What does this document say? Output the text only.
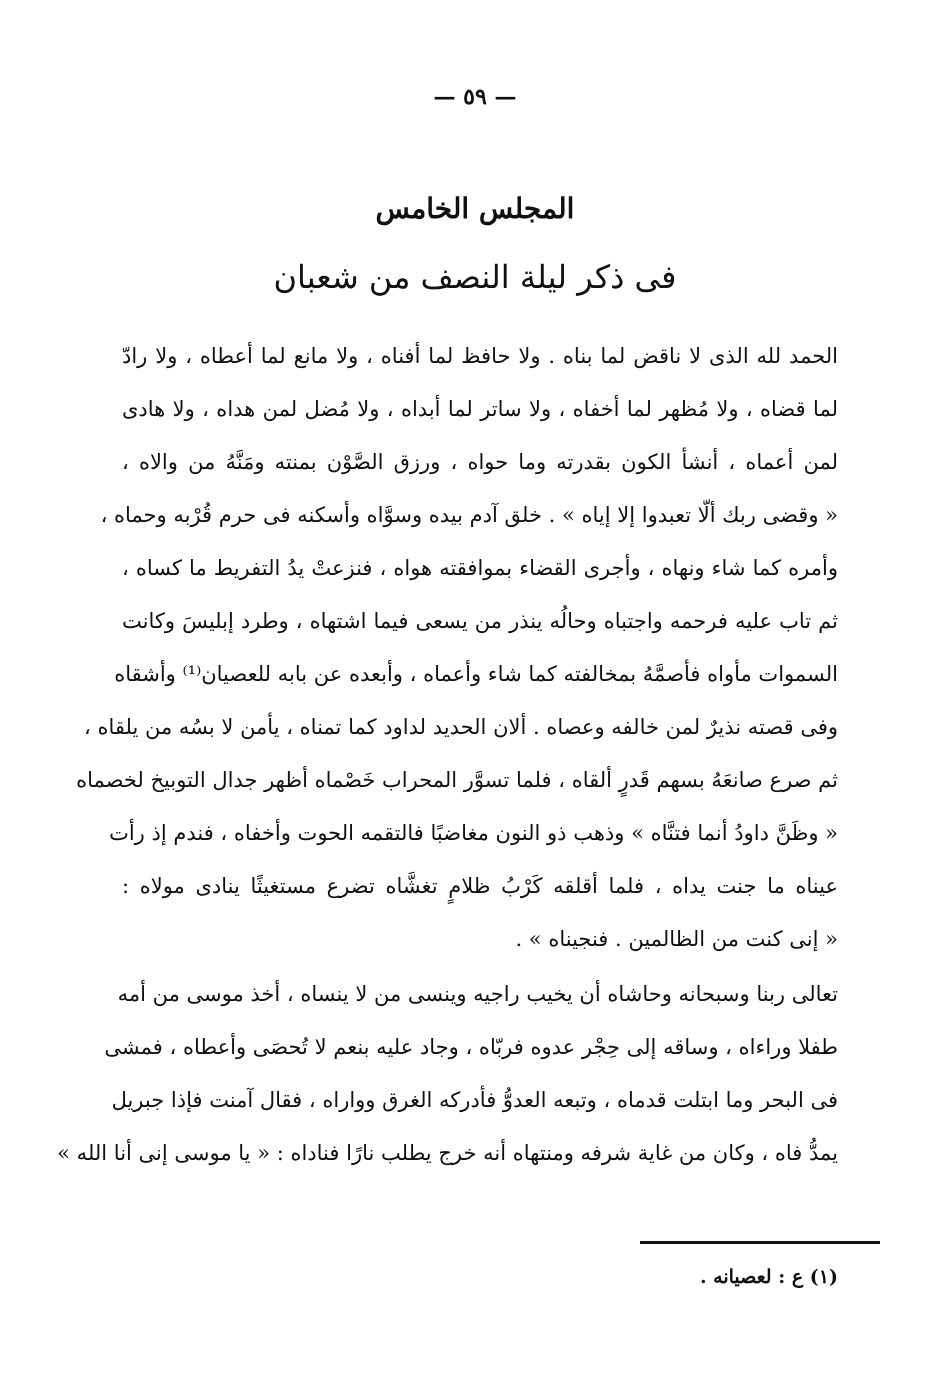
— ٥٩ —
المجلس الخامس
فى ذكر ليلة النصف من شعبان
الحمد لله الذى لا ناقض لما بناه . ولا حافظ لما أفناه ، ولا مانع لما أعطاه ، ولا رادّ
لما قضاه ، ولا مُظهر لما أخفاه ، ولا ساتر لما أبداه ، ولا مُضل لمن هداه ، ولا هادى
لمن أعماه ، أنشأ الكون بقدرته وما حواه ، ورزق الصَّوْن بمنته ومَنَّهُ من والاه ،
« وقضى ربك ألّا تعبدوا إلا إياه » . خلق آدم بيده وسوَّاه وأسكنه فى حرم قُرْبه وحماه ،
وأمره كما شاء ونهاه ، وأجرى القضاء بموافقته هواه ، فنزعتْ يدُ التفريط ما كساه ،
ثم تاب عليه فرحمه واجتباه وحالُه ينذر من يسعى فيما اشتهاه ، وطرد إبليسَ وكانت
السموات مأواه فأصمَّهُ بمخالفته كما شاء وأعماه ، وأبعده عن بابه للعصيان⁽¹⁾ وأشقاه
وفى قصته نذيرٌ لمن خالفه وعصاه . ألان الحديد لداود كما تمناه ، يأمن لا بسُه من يلقاه ،
ثم صرع صانعَهُ بسهم قَدرٍ ألقاه ، فلما تسوَّر المحراب خَصْماه أظهر جدال التوبيخ لخصماه
« وظَنَّ داودُ أنما فتنَّاه » وذهب ذو النون مغاضبًا فالتقمه الحوت وأخفاه ، فندم إذ رأت
عيناه ما جنت يداه ، فلما أقلقه كَرْبُ ظلامٍ تغشَّاه تضرع مستغيثًا ينادى مولاه :
« إنى كنت من الظالمين . فنجيناه » .
تعالى ربنا وسبحانه وحاشاه أن يخيب راجيه وينسى من لا ينساه ، أخذ موسى من أمه
طفلا وراءاه ، وساقه إلى حِجْر عدوه فربّاه ، وجاد عليه بنعم لا تُحصَى وأعطاه ، فمشى
فى البحر وما ابتلت قدماه ، وتبعه العدوُّ فأدركه الغرق وواراه ، فقال آمنت فإذا جبريل
يمدُّ فاه ، وكان من غاية شرفه ومنتهاه أنه خرج يطلب نارًا فناداه : « يا موسى إنى أنا الله »
(١) ع : لعصيانه .
